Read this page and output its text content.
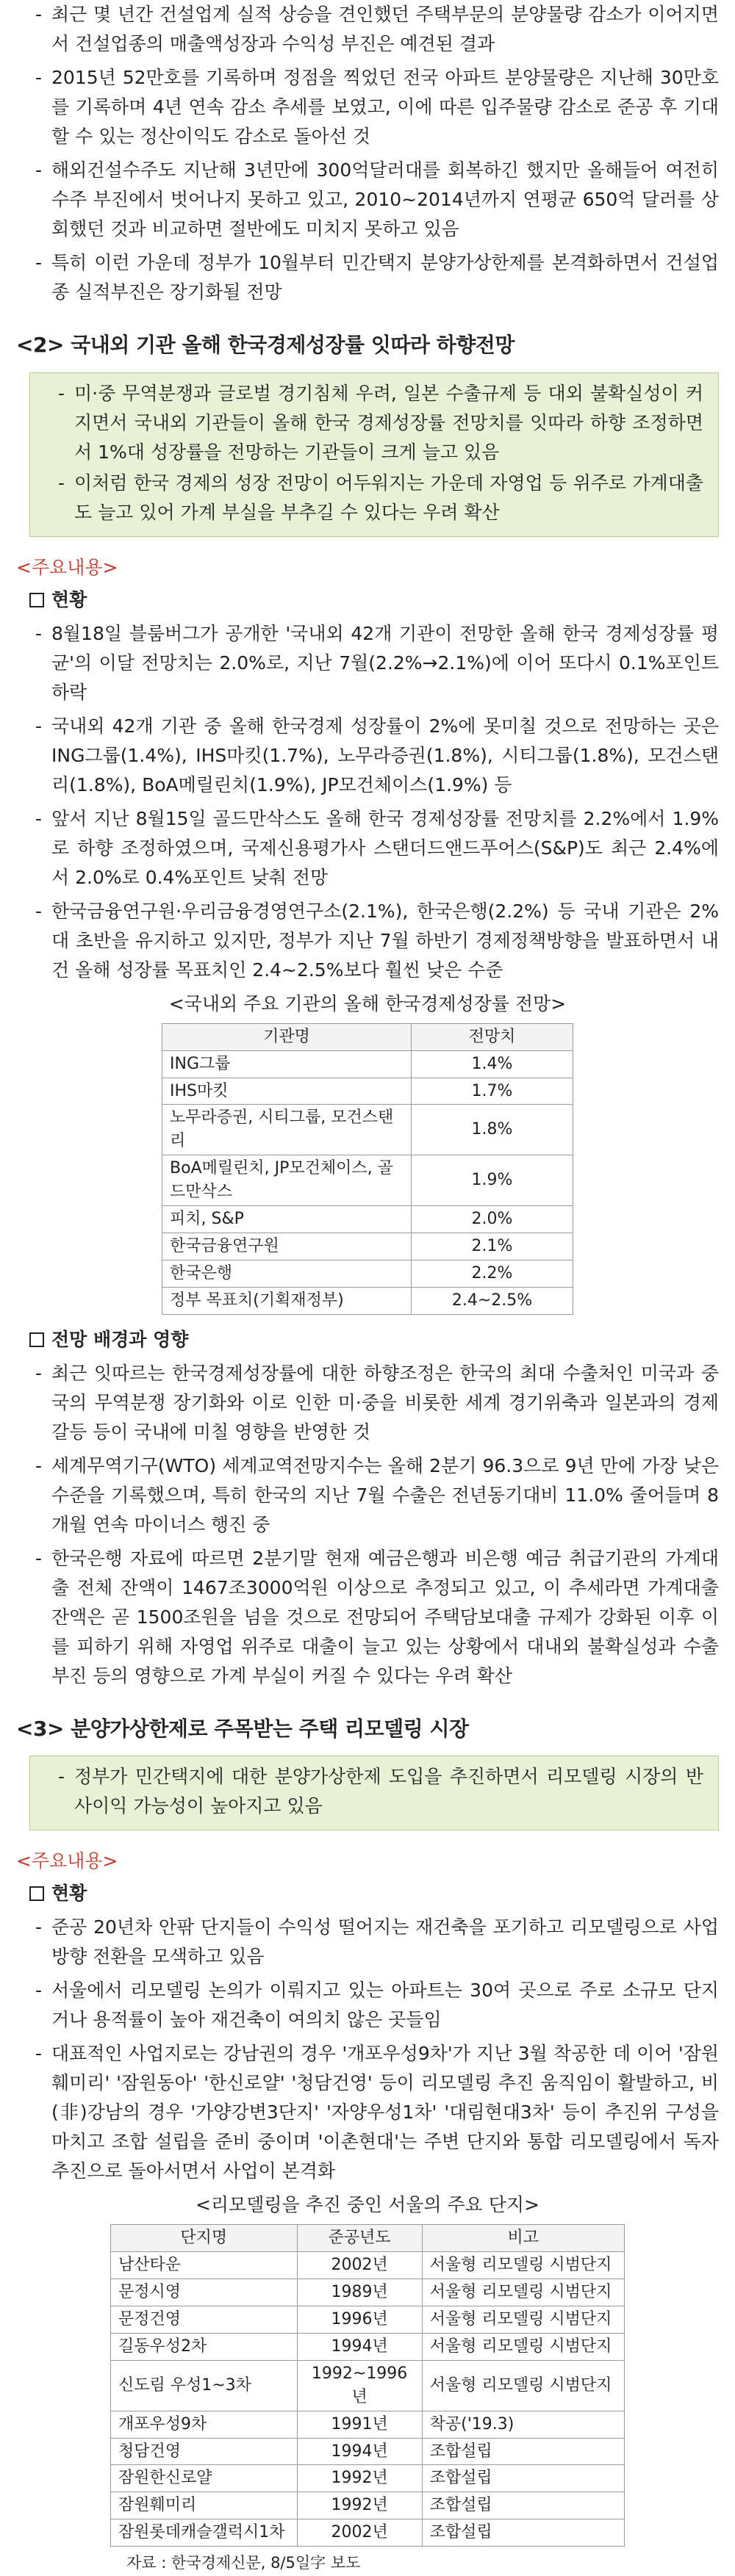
- 최근 몇 년간 건설업계 실적 상승을 견인했던 주택부문의 분양물량 감소가 이어지면서 건설업종의 매출액성장과 수익성 부진은 예견된 결과
- 2015년 52만호를 기록하며 정점을 찍었던 전국 아파트 분양물량은 지난해 30만호를 기록하며 4년 연속 감소 추세를 보였고, 이에 따른 입주물량 감소로 준공 후 기대할 수 있는 정산이익도 감소로 돌아선 것
- 해외건설수주도 지난해 3년만에 300억달러대를 회복하긴 했지만 올해들어 여전히 수주 부진에서 벗어나지 못하고 있고, 2010~2014년까지 연평균 650억 달러를 상회했던 것과 비교하면 절반에도 미치지 못하고 있음
- 특히 이런 가운데 정부가 10월부터 민간택지 분양가상한제를 본격화하면서 건설업종 실적부진은 장기화될 전망
<2> 국내외 기관 올해 한국경제성장률 잇따라 하향전망
- 미·중 무역분쟁과 글로벌 경기침체 우려, 일본 수출규제 등 대외 불확실성이 커지면서 국내외 기관들이 올해 한국 경제성장률 전망치를 잇따라 하향 조정하면서 1%대 성장률을 전망하는 기관들이 크게 늘고 있음
- 이처럼 한국 경제의 성장 전망이 어두워지는 가운데 자영업 등 위주로 가계대출도 늘고 있어 가계 부실을 부추길 수 있다는 우려 확산
<주요내용>
현황
- 8월18일 블룸버그가 공개한 '국내외 42개 기관이 전망한 올해 한국 경제성장률 평균'의 이달 전망치는 2.0%로, 지난 7월(2.2%→2.1%)에 이어 또다시 0.1%포인트 하락
- 국내외 42개 기관 중 올해 한국경제 성장률이 2%에 못미칠 것으로 전망하는 곳은 ING그룹(1.4%), IHS마킷(1.7%), 노무라증권(1.8%), 시티그룹(1.8%), 모건스탠리(1.8%), BoA메릴린치(1.9%), JP모건체이스(1.9%) 등
- 앞서 지난 8월15일 골드만삭스도 올해 한국 경제성장률 전망치를 2.2%에서 1.9%로 하향 조정하였으며, 국제신용평가사 스탠더드앤드푸어스(S&P)도 최근 2.4%에서 2.0%로 0.4%포인트 낮춰 전망
- 한국금융연구원·우리금융경영연구소(2.1%), 한국은행(2.2%) 등 국내 기관은 2%대 초반을 유지하고 있지만, 정부가 지난 7월 하반기 경제정책방향을 발표하면서 내건 올해 성장률 목표치인 2.4~2.5%보다 훨씬 낮은 수준
<국내외 주요 기관의 올해 한국경제성장률 전망>
기관명	전망치
ING그룹	1.4%
IHS마킷	1.7%
노무라증권, 시티그룹, 모건스탠리	1.8%
BoA메릴린치, JP모건체이스, 골드만삭스	1.9%
피치, S&P	2.0%
한국금융연구원	2.1%
한국은행	2.2%
정부 목표치(기획재정부)	2.4~2.5%
전망 배경과 영향
- 최근 잇따르는 한국경제성장률에 대한 하향조정은 한국의 최대 수출처인 미국과 중국의 무역분쟁 장기화와 이로 인한 미·중을 비롯한 세계 경기위축과 일본과의 경제 갈등 등이 국내에 미칠 영향을 반영한 것
- 세계무역기구(WTO) 세계교역전망지수는 올해 2분기 96.3으로 9년 만에 가장 낮은 수준을 기록했으며, 특히 한국의 지난 7월 수출은 전년동기대비 11.0% 줄어들며 8개월 연속 마이너스 행진 중
- 한국은행 자료에 따르면 2분기말 현재 예금은행과 비은행 예금 취급기관의 가계대출 전체 잔액이 1467조3000억원 이상으로 추정되고 있고, 이 추세라면 가계대출 잔액은 곧 1500조원을 넘을 것으로 전망되어 주택담보대출 규제가 강화된 이후 이를 피하기 위해 자영업 위주로 대출이 늘고 있는 상황에서 대내외 불확실성과 수출 부진 등의 영향으로 가계 부실이 커질 수 있다는 우려 확산
<3> 분양가상한제로 주목받는 주택 리모델링 시장
- 정부가 민간택지에 대한 분양가상한제 도입을 추진하면서 리모델링 시장의 반사이익 가능성이 높아지고 있음
<주요내용>
현황
- 준공 20년차 안팎 단지들이 수익성 떨어지는 재건축을 포기하고 리모델링으로 사업방향 전환을 모색하고 있음
- 서울에서 리모델링 논의가 이뤄지고 있는 아파트는 30여 곳으로 주로 소규모 단지거나 용적률이 높아 재건축이 여의치 않은 곳들임
- 대표적인 사업지로는 강남권의 경우 '개포우성9차'가 지난 3월 착공한 데 이어 '잠원훼미리' '잠원동아' '한신로얄' '청담건영' 등이 리모델링 추진 움직임이 활발하고, 비(非)강남의 경우 '가양강변3단지' '자양우성1차' '대림현대3차' 등이 추진위 구성을 마치고 조합 설립을 준비 중이며 '이촌현대'는 주변 단지와 통합 리모델링에서 독자 추진으로 돌아서면서 사업이 본격화
<리모델링을 추진 중인 서울의 주요 단지>
단지명	준공년도	비고
남산타운	2002년	서울형 리모델링 시범단지
문정시영	1989년	서울형 리모델링 시범단지
문정건영	1996년	서울형 리모델링 시범단지
길동우성2차	1994년	서울형 리모델링 시범단지
신도림 우성1~3차	1992~1996년	서울형 리모델링 시범단지
개포우성9차	1991년	착공('19.3)
청담건영	1994년	조합설립
잠원한신로얄	1992년	조합설립
잠원훼미리	1992년	조합설립
잠원롯데캐슬갤럭시1차	2002년	조합설립
자료 : 한국경제신문, 8/5일字 보도
